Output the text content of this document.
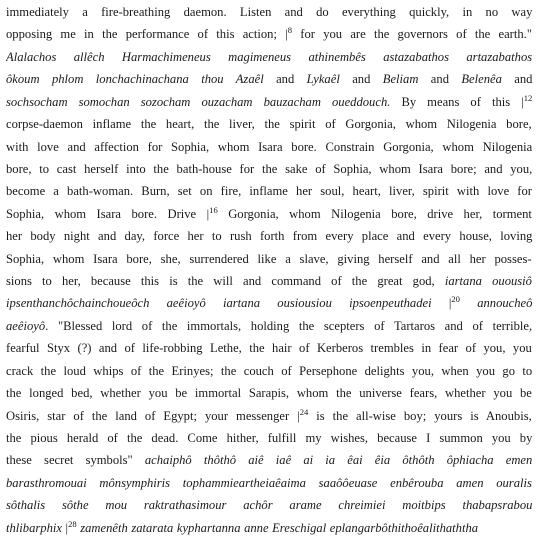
immediately a fire-breathing daemon. Listen and do everything quickly, in no way
opposing me in the performance of this action; $|^8$ for you are the governors of the earth."
Alalachos allêch Harmachimeneus magimeneus athinembês astazabathos artazabathos
ôkoum phlom lonchachinachana thou Azaêl and Lykaêl and Beliam and Belenêa and
sochsocham somochan sozocham ouzacham bauzacham oueddouch. By means of this $|^{12}$
corpse-daemon inflame the heart, the liver, the spirit of Gorgonia, whom Nilogenia bore,
with love and affection for Sophia, whom Isara bore. Constrain Gorgonia, whom Nilogenia
bore, to cast herself into the bath-house for the sake of Sophia, whom Isara bore; and you,
become a bath-woman. Burn, set on fire, inflame her soul, heart, liver, spirit with love for
Sophia, whom Isara bore. Drive $|^{16}$ Gorgonia, whom Nilogenia bore, drive her, torment
her body night and day, force her to rush forth from every place and every house, loving
Sophia, whom Isara bore, she, surrendered like a slave, giving herself and all her posses-
sions to her, because this is the will and command of the great god, iartana ouousiô
ipsenthanchôchainchoueôch aeêioyô iartana ousiousiou ipsoenpeuthadei $|^{20}$ annoucheô
aeêioyô. "Blessed lord of the immortals, holding the scepters of Tartaros and of terrible,
fearful Styx (?) and of life-robbing Lethe, the hair of Kerberos trembles in fear of you, you
crack the loud whips of the Erinyes; the couch of Persephone delights you, when you go to
the longed bed, whether you be immortal Sarapis, whom the universe fears, whether you be
Osiris, star of the land of Egypt; your messenger $|^{24}$ is the all-wise boy; yours is Anoubis,
the pious herald of the dead. Come hither, fulfill my wishes, because I summon you by
these secret symbols" achaiphô thôthô aiê iaê ai ia êai êia ôthôth ôphiacha emen
barasthromouai mônsymphiris tophammieartheiaêaima saaôôeuase enbêrouba amen ouralis
sôthalis sôthe mou raktrathasimour achôr arame chreimiei moitbips thabapsrabou
thlibarphix $|^{28}$ zamenêth zatarata kyphartanna anne Ereschigal eplangarbôthithoêalithaththa
